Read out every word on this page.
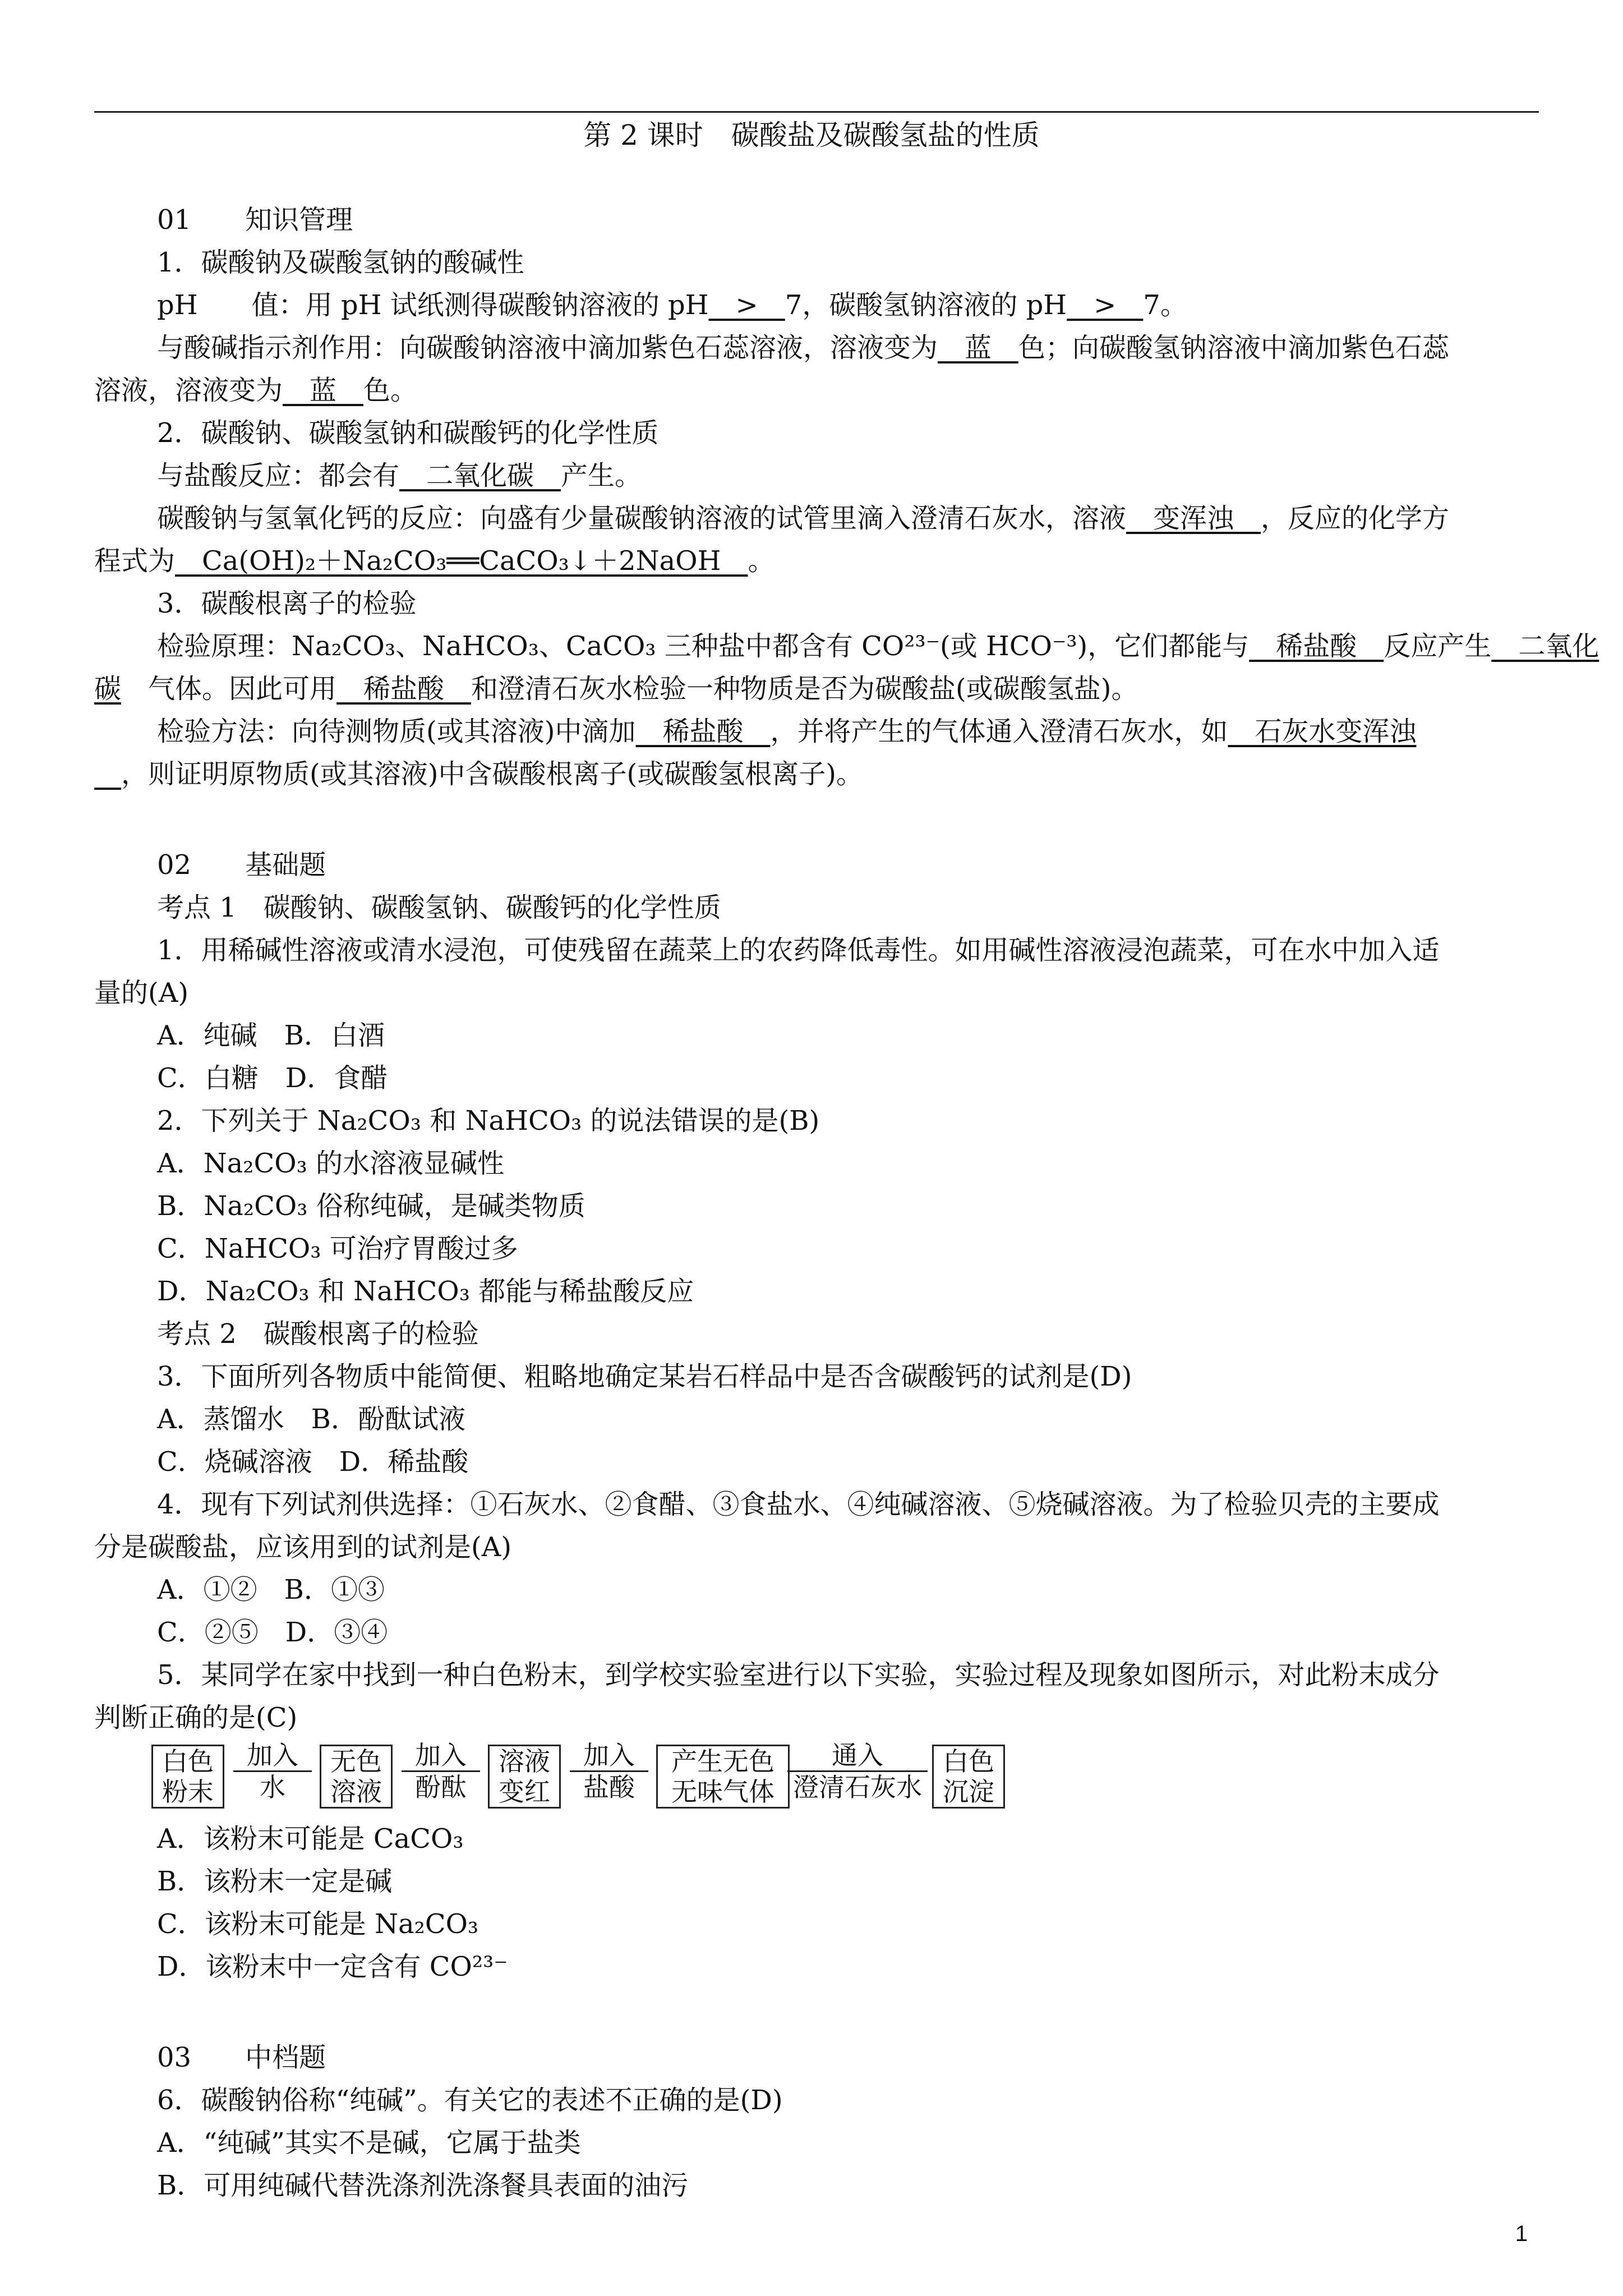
第 2 课时　碳酸盐及碳酸氢盐的性质
01　　 知识管理
1．碳酸钠及碳酸氢钠的酸碱性
pH　　值：用 pH 试纸测得碳酸钠溶液的 pH　>　7，碳酸氢钠溶液的 pH　>　7。
与酸碱指示剂作用：向碳酸钠溶液中滴加紫色石蕊溶液，溶液变为　蓝　色；向碳酸氢钠溶液中滴加紫色石蕊
溶液，溶液变为　蓝　色。
2．碳酸钠、碳酸氢钠和碳酸钙的化学性质
与盐酸反应：都会有　二氧化碳　产生。
碳酸钠与氢氧化钙的反应：向盛有少量碳酸钠溶液的试管里滴入澄清石灰水，溶液　变浑浊　，反应的化学方
程式为　Ca(OH)₂＋Na₂CO₃══CaCO₃↓＋2NaOH　。
3．碳酸根离子的检验
检验原理：Na₂CO₃、NaHCO₃、CaCO₃ 三种盐中都含有 CO²³⁻(或 HCO⁻³)，它们都能与　稀盐酸　反应产生　二氧化
碳　气体。因此可用　稀盐酸　和澄清石灰水检验一种物质是否为碳酸盐(或碳酸氢盐)。
检验方法：向待测物质(或其溶液)中滴加　稀盐酸　，并将产生的气体通入澄清石灰水，如　石灰水变浑浊
　，则证明原物质(或其溶液)中含碳酸根离子(或碳酸氢根离子)。
02　　 基础题
考点 1　碳酸钠、碳酸氢钠、碳酸钙的化学性质
1．用稀碱性溶液或清水浸泡，可使残留在蔬菜上的农药降低毒性。如用碱性溶液浸泡蔬菜，可在水中加入适
量的(A)
A．纯碱　B．白酒
C．白糖　D．食醋
2．下列关于 Na₂CO₃ 和 NaHCO₃ 的说法错误的是(B)
A．Na₂CO₃ 的水溶液显碱性
B．Na₂CO₃ 俗称纯碱，是碱类物质
C．NaHCO₃ 可治疗胃酸过多
D．Na₂CO₃ 和 NaHCO₃ 都能与稀盐酸反应
考点 2　碳酸根离子的检验
3．下面所列各物质中能简便、粗略地确定某岩石样品中是否含碳酸钙的试剂是(D)
A．蒸馏水　B．酚酞试液
C．烧碱溶液　D．稀盐酸
4．现有下列试剂供选择：①石灰水、②食醋、③食盐水、④纯碱溶液、⑤烧碱溶液。为了检验贝壳的主要成
分是碳酸盐，应该用到的试剂是(A)
A．①②　B．①③
C．②⑤　D．③④
5．某同学在家中找到一种白色粉末，到学校实验室进行以下实验，实验过程及现象如图所示，对此粉末成分
判断正确的是(C)
白色
粉末
加入
水
无色
溶液
加入
酚酞
溶液
变红
加入
盐酸
产生无色
无味气体
通入
澄清石灰水
白色
沉淀
A．该粉末可能是 CaCO₃
B．该粉末一定是碱
C．该粉末可能是 Na₂CO₃
D．该粉末中一定含有 CO²³⁻
03　　 中档题
6．碳酸钠俗称“纯碱”。有关它的表述不正确的是(D)
A．“纯碱”其实不是碱，它属于盐类
B．可用纯碱代替洗涤剂洗涤餐具表面的油污
1
